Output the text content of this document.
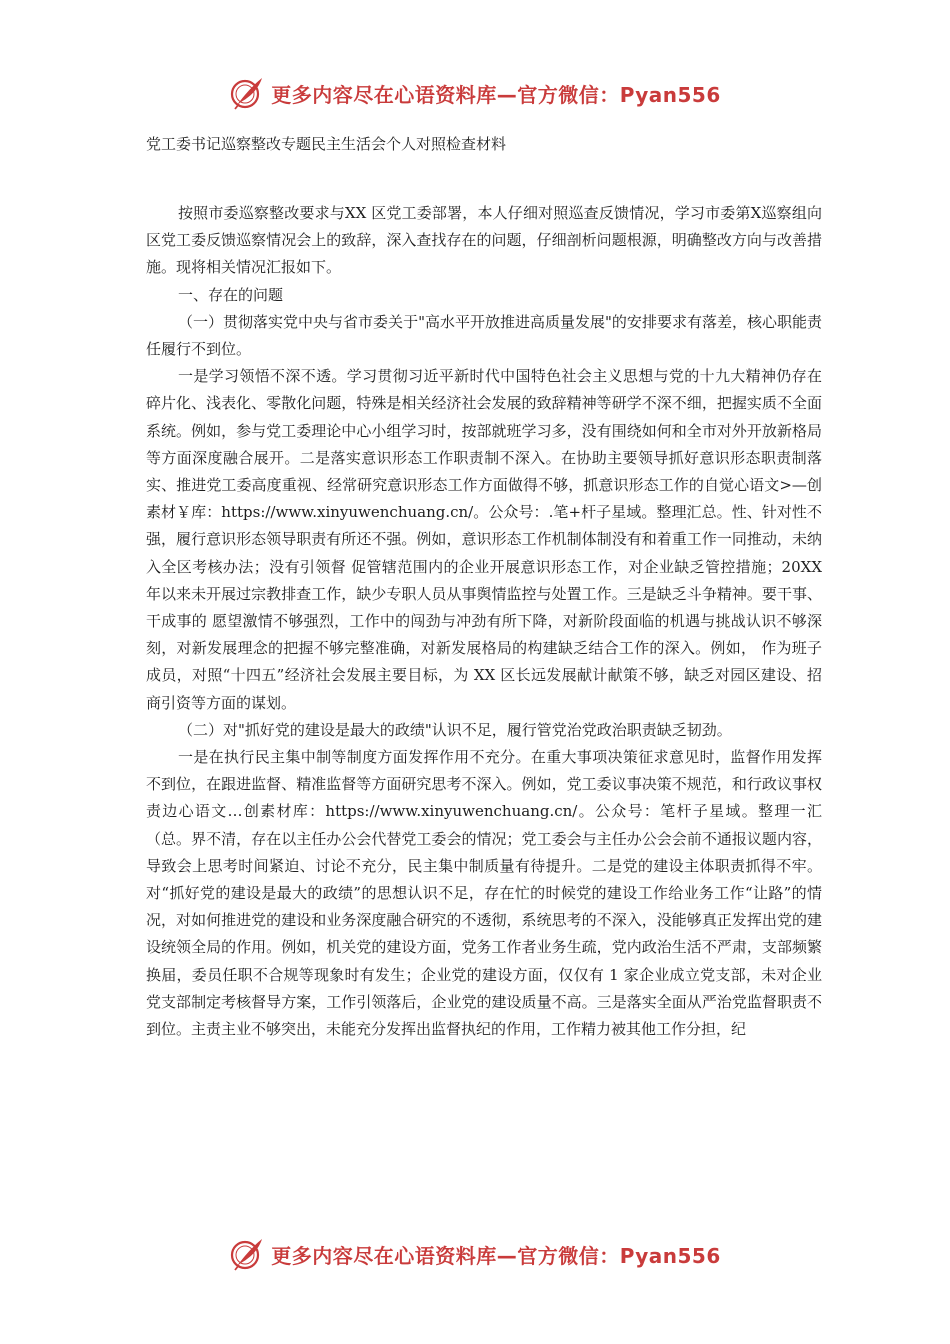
更多内容尽在心语资料库—官方微信：Pyan556
党工委书记巡察整改专题民主生活会个人对照检查材料

按照市委巡察整改要求与XX 区党工委部署，本人仔细对照巡查反馈情况，学习市委第X巡察组向区党工委反馈巡察情况会上的致辞，深入查找存在的问题，仔细剖析问题根源，明确整改方向与改善措施。现将相关情况汇报如下。

一、存在的问题

（一）贯彻落实党中央与省市委关于"高水平开放推进高质量发展"的安排要求有落差，核心职能责任履行不到位。

一是学习领悟不深不透。学习贯彻习近平新时代中国特色社会主义思想与党的十九大精神仍存在碎片化、浅表化、零散化问题，特殊是相关经济社会发展的致辞精神等研学不深不细，把握实质不全面系统。例如，参与党工委理论中心小组学习时，按部就班学习多，没有围绕如何和全市对外开放新格局等方面深度融合展开。二是落实意识形态工作职责制不深入。在协助主要领导抓好意识形态职责制落实、推进党工委高度重视、经常研究意识形态工作方面做得不够，抓意识形态工作的自觉心语文>—创素材￥库：https://www.xinyuwenchuang.cn/。公众号：.笔+杆子星域。整理汇总。性、针对性不强，履行意识形态领导职责有所还不强。例如，意识形态工作机制体制没有和着重工作一同推动，未纳入全区考核办法；没有引领督 促管辖范围内的企业开展意识形态工作，对企业缺乏管控措施；20XX 年以来未开展过宗教排查工作，缺少专职人员从事舆情监控与处置工作。三是缺乏斗争精神。要干事、干成事的 愿望激情不够强烈，工作中的闯劲与冲劲有所下降，对新阶段面临的机遇与挑战认识不够深 刻，对新发展理念的把握不够完整准确，对新发展格局的构建缺乏结合工作的深入。例如， 作为班子成员，对照“十四五”经济社会发展主要目标，为 XX 区长远发展献计献策不够，缺乏对园区建设、招商引资等方面的谋划。

（二）对"抓好党的建设是最大的政绩"认识不足，履行管党治党政治职责缺乏韧劲。

一是在执行民主集中制等制度方面发挥作用不充分。在重大事项决策征求意见时，监督作用发挥不到位，在跟进监督、精准监督等方面研究思考不深入。例如，党工委议事决策不规范，和行政议事权责边心语文…创素材库：https://www.xinyuwenchuang.cn/。公众号：笔杆子星域。整理一汇（总。界不清，存在以主任办公会代替党工委会的情况；党工委会与主任办公会会前不通报议题内容，导致会上思考时间紧迫、讨论不充分，民主集中制质量有待提升。二是党的建设主体职责抓得不牢。对“抓好党的建设是最大的政绩”的思想认识不足，存在忙的时候党的建设工作给业务工作“让路”的情况，对如何推进党的建设和业务深度融合研究的不透彻，系统思考的不深入，没能够真正发挥出党的建设统领全局的作用。例如，机关党的建设方面，党务工作者业务生疏，党内政治生活不严肃，支部频繁换届，委员任职不合规等现象时有发生；企业党的建设方面，仅仅有 1 家企业成立党支部，未对企业党支部制定考核督导方案，工作引领落后，企业党的建设质量不高。三是落实全面从严治党监督职责不到位。主责主业不够突出，未能充分发挥出监督执纪的作用，工作精力被其他工作分担，纪

更多内容尽在心语资料库—官方微信：Pyan556
